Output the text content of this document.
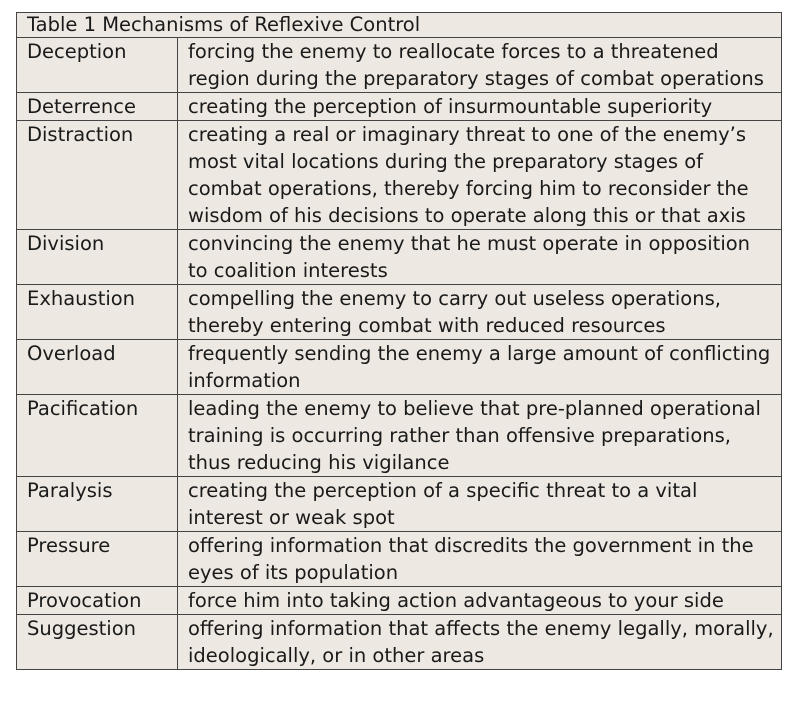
Table 1 Mechanisms of Reflexive Control	
Deception	forcing the enemy to reallocate forces to a threatened region during the preparatory stages of combat operations
Deterrence	creating the perception of insurmountable superiority
Distraction	creating a real or imaginary threat to one of the enemy’s most vital locations during the preparatory stages of combat operations, thereby forcing him to reconsider the wisdom of his decisions to operate along this or that axis
Division	convincing the enemy that he must operate in opposition to coalition interests
Exhaustion	compelling the enemy to carry out useless operations, thereby entering combat with reduced resources
Overload	frequently sending the enemy a large amount of conflicting information
Pacification	leading the enemy to believe that pre-planned operational training is occurring rather than offensive preparations, thus reducing his vigilance
Paralysis	creating the perception of a specific threat to a vital interest or weak spot
Pressure	offering information that discredits the government in the eyes of its population
Provocation	force him into taking action advantageous to your side
Suggestion	offering information that affects the enemy legally, morally, ideologically, or in other areas
